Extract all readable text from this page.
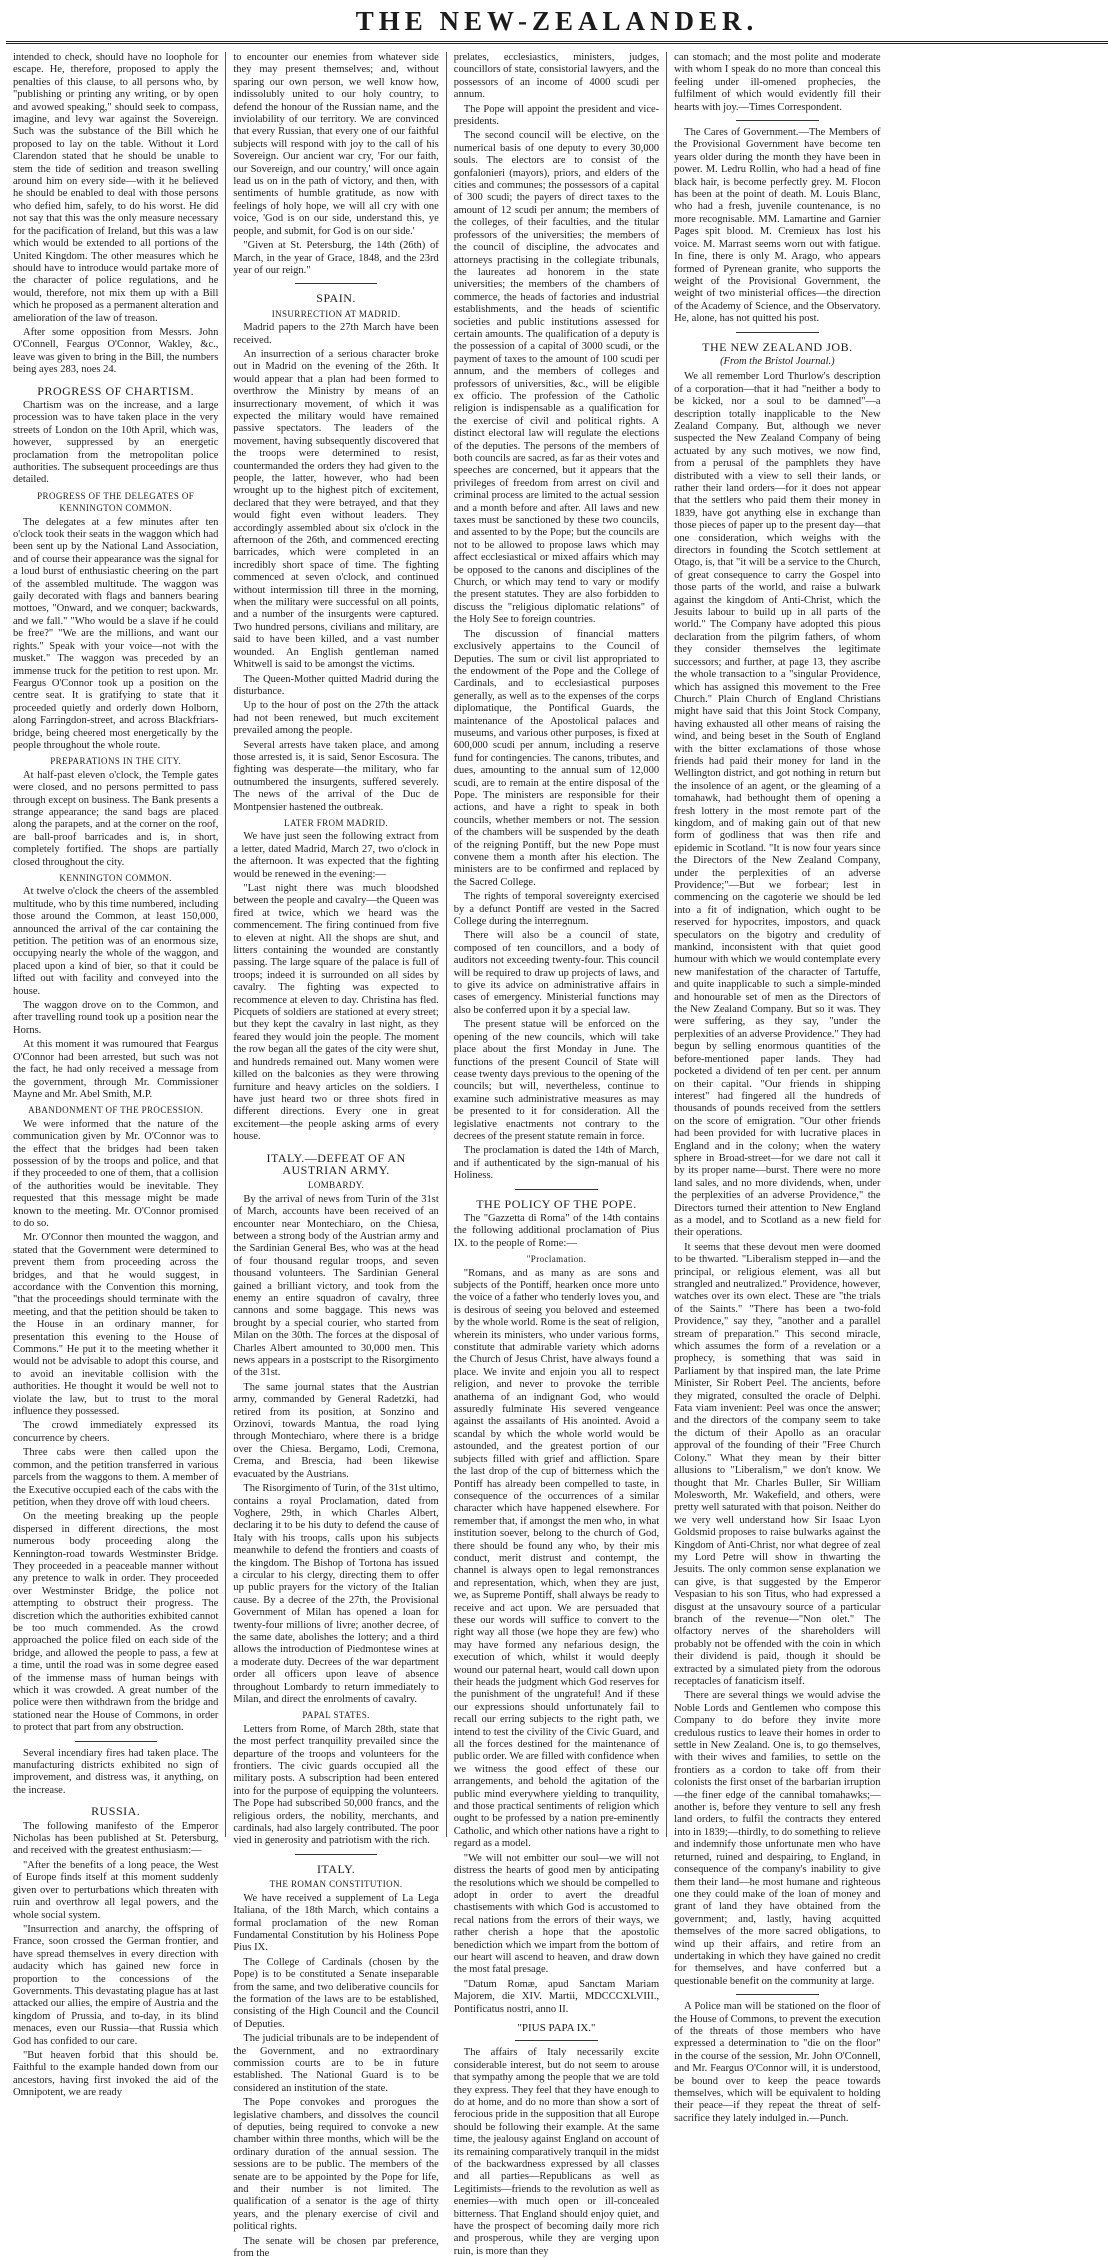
THE NEW-ZEALANDER.

intended to check, should have no loophole for escape. He, therefore, proposed to apply the penalties of this clause, to all persons who, by "publishing or printing any writing, or by open and avowed speaking," should seek to compass, imagine, and levy war against the Sovereign. Such was the substance of the Bill which he proposed to lay on the table. Without it Lord Clarendon stated that he should be unable to stem the tide of sedition and treason swelling around him on every side—with it he believed he should be enabled to deal with those persons who defied him, safely, to do his worst. He did not say that this was the only measure necessary for the pacification of Ireland, but this was a law which would be extended to all portions of the United Kingdom. The other measures which he should have to introduce would partake more of the character of police regulations, and he would, therefore, not mix them up with a Bill which he proposed as a permanent alteration and amelioration of the law of treason.

After some opposition from Messrs. John O'Connell, Feargus O'Connor, Wakley, &c., leave was given to bring in the Bill, the numbers being ayes 283, noes 24.

PROGRESS OF CHARTISM.

Chartism was on the increase, and a large procession was to have taken place in the very streets of London on the 10th April, which was, however, suppressed by an energetic proclamation from the metropolitan police authorities. The subsequent proceedings are thus detailed.

PROGRESS OF THE DELEGATES OF KENNINGTON COMMON.

The delegates at a few minutes after ten o'clock took their seats in the waggon which had been sent up by the National Land Association, and of course their appearance was the signal for a loud burst of enthusiastic cheering on the part of the assembled multitude. The waggon was gaily decorated with flags and banners bearing mottoes, "Onward, and we conquer; backwards, and we fall." "Who would be a slave if he could be free?" "We are the millions, and want our rights." Speak with your voice—not with the musket." The waggon was preceded by an immense truck for the petition to rest upon. Mr. Feargus O'Connor took up a position on the centre seat. It is gratifying to state that it proceeded quietly and orderly down Holborn, along Farringdon-street, and across Blackfriars-bridge, being cheered most energetically by the people throughout the whole route.

PREPARATIONS IN THE CITY.

At half-past eleven o'clock, the Temple gates were closed, and no persons permitted to pass through except on business. The Bank presents a strange appearance; the sand bags are placed along the parapets, and at the corner on the roof, are ball-proof barricades and is, in short, completely fortified. The shops are partially closed throughout the city.

KENNINGTON COMMON.

At twelve o'clock the cheers of the assembled multitude, who by this time numbered, including those around the Common, at least 150,000, announced the arrival of the car containing the petition. The petition was of an enormous size, occupying nearly the whole of the waggon, and placed upon a kind of bier, so that it could be lifted out with facility and conveyed into the house.

The waggon drove on to the Common, and after travelling round took up a position near the Horns.

At this moment it was rumoured that Feargus O'Connor had been arrested, but such was not the fact, he had only received a message from the government, through Mr. Commissioner Mayne and Mr. Abel Smith, M.P.

ABANDONMENT OF THE PROCESSION.

We were informed that the nature of the communication given by Mr. O'Connor was to the effect that the bridges had been taken possession of by the troops and police, and that if they proceeded to one of them, that a collision of the authorities would be inevitable. They requested that this message might be made known to the meeting. Mr. O'Connor promised to do so.

Mr. O'Connor then mounted the waggon, and stated that the Government were determined to prevent them from proceeding across the bridges, and that he would suggest, in accordance with the Convention this morning, "that the proceedings should terminate with the meeting, and that the petition should be taken to the House in an ordinary manner, for presentation this evening to the House of Commons." He put it to the meeting whether it would not be advisable to adopt this course, and to avoid an inevitable collision with the authorities. He thought it would be well not to violate the law, but to trust to the moral influence they possessed.

The crowd immediately expressed its concurrence by cheers.

Three cabs were then called upon the common, and the petition transferred in various parcels from the waggons to them. A member of the Executive occupied each of the cabs with the petition, when they drove off with loud cheers.

On the meeting breaking up the people dispersed in different directions, the most numerous body proceeding along the Kennington-road towards Westminster Bridge. They proceeded in a peaceable manner without any pretence to walk in order. They proceeded over Westminster Bridge, the police not attempting to obstruct their progress. The discretion which the authorities exhibited cannot be too much commended. As the crowd approached the police filed on each side of the bridge, and allowed the people to pass, a few at a time, until the road was in some degree eased of the immense mass of human beings with which it was crowded. A great number of the police were then withdrawn from the bridge and stationed near the House of Commons, in order to protect that part from any obstruction.

Several incendiary fires had taken place. The manufacturing districts exhibited no sign of improvement, and distress was, it anything, on the increase.

RUSSIA.

The following manifesto of the Emperor Nicholas has been published at St. Petersburg, and received with the greatest enthusiasm:—

"After the benefits of a long peace, the West of Europe finds itself at this moment suddenly given over to perturbations which threaten with ruin and overthrow all legal powers, and the whole social system.

"Insurrection and anarchy, the offspring of France, soon crossed the German frontier, and have spread themselves in every direction with audacity which has gained new force in proportion to the concessions of the Governments. This devastating plague has at last attacked our allies, the empire of Austria and the kingdom of Prussia, and to-day, in its blind menaces, even our Russia—that Russia which God has confided to our care.

"But heaven forbid that this should be. Faithful to the example handed down from our ancestors, having first invoked the aid of the Omnipotent, we are ready

to encounter our enemies from whatever side they may present themselves; and, without sparing our own person, we well know how, indissolubly united to our holy country, to defend the honour of the Russian name, and the inviolability of our territory. We are convinced that every Russian, that every one of our faithful subjects will respond with joy to the call of his Sovereign. Our ancient war cry, 'For our faith, our Sovereign, and our country,' will once again lead us on in the path of victory, and then, with sentiments of humble gratitude, as now with feelings of holy hope, we will all cry with one voice, 'God is on our side, understand this, ye people, and submit, for God is on our side.'

"Given at St. Petersburg, the 14th (26th) of March, in the year of Grace, 1848, and the 23rd year of our reign."

SPAIN.
INSURRECTION AT MADRID.

Madrid papers to the 27th March have been received.

An insurrection of a serious character broke out in Madrid on the evening of the 26th. It would appear that a plan had been formed to overthrow the Ministry by means of an insurrectionary movement, of which it was expected the military would have remained passive spectators. The leaders of the movement, having subsequently discovered that the troops were determined to resist, countermanded the orders they had given to the people, the latter, however, who had been wrought up to the highest pitch of excitement, declared that they were betrayed, and that they would fight even without leaders. They accordingly assembled about six o'clock in the afternoon of the 26th, and commenced erecting barricades, which were completed in an incredibly short space of time. The fighting commenced at seven o'clock, and continued without intermission till three in the morning, when the military were successful on all points, and a number of the insurgents were captured. Two hundred persons, civilians and military, are said to have been killed, and a vast number wounded. An English gentleman named Whitwell is said to be amongst the victims.

The Queen-Mother quitted Madrid during the disturbance.

Up to the hour of post on the 27th the attack had not been renewed, but much excitement prevailed among the people.

Several arrests have taken place, and among those arrested is, it is said, Senor Escosura. The fighting was desperate—the military, who far outnumbered the insurgents, suffered severely. The news of the arrival of the Duc de Montpensier hastened the outbreak.

LATER FROM MADRID.

We have just seen the following extract from a letter, dated Madrid, March 27, two o'clock in the afternoon. It was expected that the fighting would be renewed in the evening:—

"Last night there was much bloodshed between the people and cavalry—the Queen was fired at twice, which we heard was the commencement. The firing continued from five to eleven at night. All the shops are shut, and litters containing the wounded are constantly passing. The large square of the palace is full of troops; indeed it is surrounded on all sides by cavalry. The fighting was expected to recommence at eleven to day. Christina has fled. Picquets of soldiers are stationed at every street; but they kept the cavalry in last night, as they feared they would join the people. The moment the row began all the gates of the city were shut, and hundreds remained out. Many women were killed on the balconies as they were throwing furniture and heavy articles on the soldiers. I have just heard two or three shots fired in different directions. Every one in great excitement—the people asking arms of every house.

ITALY.—DEFEAT OF AN AUSTRIAN ARMY.
LOMBARDY.

By the arrival of news from Turin of the 31st of March, accounts have been received of an encounter near Montechiaro, on the Chiesa, between a strong body of the Austrian army and the Sardinian General Bes, who was at the head of four thousand regular troops, and seven thousand volunteers. The Sardinian General gained a brilliant victory, and took from the enemy an entire squadron of cavalry, three cannons and some baggage. This news was brought by a special courier, who started from Milan on the 30th. The forces at the disposal of Charles Albert amounted to 30,000 men. This news appears in a postscript to the Risorgimento of the 31st.

The same journal states that the Austrian army, commanded by General Radetzki, had retired from its position, at Sonzino and Orzinovi, towards Mantua, the road lying through Montechiaro, where there is a bridge over the Chiesa. Bergamo, Lodi, Cremona, Crema, and Brescia, had been likewise evacuated by the Austrians.

The Risorgimento of Turin, of the 31st ultimo, contains a royal Proclamation, dated from Voghere, 29th, in which Charles Albert, declaring it to be his duty to defend the cause of Italy with his troops, calls upon his subjects meanwhile to defend the frontiers and coasts of the kingdom. The Bishop of Tortona has issued a circular to his clergy, directing them to offer up public prayers for the victory of the Italian cause. By a decree of the 27th, the Provisional Government of Milan has opened a loan for twenty-four millions of livre; another decree, of the same date, abolishes the lottery; and a third allows the introduction of Piedmontese wines at a moderate duty. Decrees of the war department order all officers upon leave of absence throughout Lombardy to return immediately to Milan, and direct the enrolments of cavalry.

PAPAL STATES.

Letters from Rome, of March 28th, state that the most perfect tranquility prevailed since the departure of the troops and volunteers for the frontiers. The civic guards occupied all the military posts. A subscription had been entered into for the purpose of equipping the volunteers. The Pope had subscribed 50,000 francs, and the religious orders, the nobility, merchants, and cardinals, had also largely contributed. The poor vied in generosity and patriotism with the rich.

ITALY.
THE ROMAN CONSTITUTION.

We have received a supplement of La Lega Italiana, of the 18th March, which contains a formal proclamation of the new Roman Fundamental Constitution by his Holiness Pope Pius IX.

The College of Cardinals (chosen by the Pope) is to be constituted a Senate inseparable from the same, and two deliberative councils for the formation of the laws are to be established, consisting of the High Council and the Council of Deputies.

The judicial tribunals are to be independent of the Government, and no extraordinary commission courts are to be in future established. The National Guard is to be considered an institution of the state.

The Pope convokes and prorogues the legislative chambers, and dissolves the council of deputies, being required to convoke a new chamber within three months, which will be the ordinary duration of the annual session. The sessions are to be public. The members of the senate are to be appointed by the Pope for life, and their number is not limited. The qualification of a senator is the age of thirty years, and the plenary exercise of civil and political rights.

The senate will be chosen par preference, from the

prelates, ecclesiastics, ministers, judges, councillors of state, consistorial lawyers, and the possessors of an income of 4000 scudi per annum.

The Pope will appoint the president and vice-presidents.

The second council will be elective, on the numerical basis of one deputy to every 30,000 souls. The electors are to consist of the gonfalonieri (mayors), priors, and elders of the cities and communes; the possessors of a capital of 300 scudi; the payers of direct taxes to the amount of 12 scudi per annum; the members of the colleges, of their faculties, and the titular professors of the universities; the members of the council of discipline, the advocates and attorneys practising in the collegiate tribunals, the laureates ad honorem in the state universities; the members of the chambers of commerce, the heads of factories and industrial establishments, and the heads of scientific societies and public institutions assessed for certain amounts. The qualification of a deputy is the possession of a capital of 3000 scudi, or the payment of taxes to the amount of 100 scudi per annum, and the members of colleges and professors of universities, &c., will be eligible ex officio. The profession of the Catholic religion is indispensable as a qualification for the exercise of civil and political rights. A distinct electoral law will regulate the elections of the deputies. The persons of the members of both councils are sacred, as far as their votes and speeches are concerned, but it appears that the privileges of freedom from arrest on civil and criminal process are limited to the actual session and a month before and after. All laws and new taxes must be sanctioned by these two councils, and assented to by the Pope; but the councils are not to be allowed to propose laws which may affect ecclesiastical or mixed affairs which may be opposed to the canons and disciplines of the Church, or which may tend to vary or modify the present statutes. They are also forbidden to discuss the "religious diplomatic relations" of the Holy See to foreign countries.

The discussion of financial matters exclusively appertains to the Council of Deputies. The sum or civil list appropriated to the endowment of the Pope and the College of Cardinals, and to ecclesiastical purposes generally, as well as to the expenses of the corps diplomatique, the Pontifical Guards, the maintenance of the Apostolical palaces and museums, and various other purposes, is fixed at 600,000 scudi per annum, including a reserve fund for contingencies. The canons, tributes, and dues, amounting to the annual sum of 12,000 scudi, are to remain at the entire disposal of the Pope. The ministers are responsible for their actions, and have a right to speak in both councils, whether members or not. The session of the chambers will be suspended by the death of the reigning Pontiff, but the new Pope must convene them a month after his election. The ministers are to be confirmed and replaced by the Sacred College.

The rights of temporal sovereignty exercised by a defunct Pontiff are vested in the Sacred College during the interregnum.

There will also be a council of state, composed of ten councillors, and a body of auditors not exceeding twenty-four. This council will be required to draw up projects of laws, and to give its advice on administrative affairs in cases of emergency. Ministerial functions may also be conferred upon it by a special law.

The present statue will be enforced on the opening of the new councils, which will take place about the first Monday in June. The functions of the present Council of State will cease twenty days previous to the opening of the councils; but will, nevertheless, continue to examine such administrative measures as may be presented to it for consideration. All the legislative enactments not contrary to the decrees of the present statute remain in force.

The proclamation is dated the 14th of March, and if authenticated by the sign-manual of his Holiness.

THE POLICY OF THE POPE.

The "Gazzetta di Roma" of the 14th contains the following additional proclamation of Pius IX. to the people of Rome:—

"Proclamation.

"Romans, and as many as are sons and subjects of the Pontiff, hearken once more unto the voice of a father who tenderly loves you, and is desirous of seeing you beloved and esteemed by the whole world. Rome is the seat of religion, wherein its ministers, who under various forms, constitute that admirable variety which adorns the Church of Jesus Christ, have always found a place. We invite and enjoin you all to respect religion, and never to provoke the terrible anathema of an indignant God, who would assuredly fulminate His severed vengeance against the assailants of His anointed. Avoid a scandal by which the whole world would be astounded, and the greatest portion of our subjects filled with grief and affliction. Spare the last drop of the cup of bitterness which the Pontiff has already been compelled to taste, in consequence of the occurrences of a similar character which have happened elsewhere. For remember that, if amongst the men who, in what institution soever, belong to the church of God, there should be found any who, by their mis conduct, merit distrust and contempt, the channel is always open to legal remonstrances and representation, which, when they are just, we, as Supreme Pontiff, shall always be ready to receive and act upon. We are persuaded that these our words will suffice to convert to the right way all those (we hope they are few) who may have formed any nefarious design, the execution of which, whilst it would deeply wound our paternal heart, would call down upon their heads the judgment which God reserves for the punishment of the ungrateful! And if these our expressions should unfortunately fail to recall our erring subjects to the right path, we intend to test the civility of the Civic Guard, and all the forces destined for the maintenance of public order. We are filled with confidence when we witness the good effect of these our arrangements, and behold the agitation of the public mind everywhere yielding to tranquility, and those practical sentiments of religion which ought to be professed by a nation pre-eminently Catholic, and which other nations have a right to regard as a model.

"We will not embitter our soul—we will not distress the hearts of good men by anticipating the resolutions which we should be compelled to adopt in order to avert the dreadful chastisements with which God is accustomed to recal nations from the errors of their ways, we rather cherish a hope that the apostolic benediction which we impart from the bottom of our heart will ascend to heaven, and draw down the most fatal presage.

"Datum Romæ, apud Sanctam Mariam Majorem, die XIV. Martii, MDCCCXLVIII., Pontificatus nostri, anno II.

"PIUS PAPA IX."

The affairs of Italy necessarily excite considerable interest, but do not seem to arouse that sympathy among the people that we are told they express. They feel that they have enough to do at home, and do no more than show a sort of ferocious pride in the supposition that all Europe should be following their example. At the same time, the jealousy against England on account of its remaining comparatively tranquil in the midst of the backwardness expressed by all classes and all parties—Republicans as well as Legitimists—friends to the revolution as well as enemies—with much open or ill-concealed bitterness. That England should enjoy quiet, and have the prospect of becoming daily more rich and prosperous, while they are verging upon ruin, is more than they

can stomach; and the most polite and moderate with whom I speak do no more than conceal this feeling under ill-omened prophecies, the fulfilment of which would evidently fill their hearts with joy.—Times Correspondent.

The Cares of Government.—The Members of the Provisional Government have become ten years older during the month they have been in power. M. Ledru Rollin, who had a head of fine black hair, is become perfectly grey. M. Flocon has been at the point of death. M. Louis Blanc, who had a fresh, juvenile countenance, is no more recognisable. MM. Lamartine and Garnier Pages spit blood. M. Cremieux has lost his voice. M. Marrast seems worn out with fatigue. In fine, there is only M. Arago, who appears formed of Pyrenean granite, who supports the weight of the Provisional Government, the weight of two ministerial offices—the direction of the Academy of Science, and the Observatory. He, alone, has not quitted his post.

THE NEW ZEALAND JOB.
(From the Bristol Journal.)

We all remember Lord Thurlow's description of a corporation—that it had "neither a body to be kicked, nor a soul to be damned"—a description totally inapplicable to the New Zealand Company. But, although we never suspected the New Zealand Company of being actuated by any such motives, we now find, from a perusal of the pamphlets they have distributed with a view to sell their lands, or rather their land orders—for it does not appear that the settlers who paid them their money in 1839, have got anything else in exchange than those pieces of paper up to the present day—that one consideration, which weighs with the directors in founding the Scotch settlement at Otago, is, that "it will be a service to the Church, of great consequence to carry the Gospel into those parts of the world, and raise a bulwark against the kingdom of Anti-Christ, which the Jesuits labour to build up in all parts of the world." The Company have adopted this pious declaration from the pilgrim fathers, of whom they consider themselves the legitimate successors; and further, at page 13, they ascribe the whole transaction to a "singular Providence, which has assigned this movement to the Free Church." Plain Church of England Christians might have said that this Joint Stock Company, having exhausted all other means of raising the wind, and being beset in the South of England with the bitter exclamations of those whose friends had paid their money for land in the Wellington district, and got nothing in return but the insolence of an agent, or the gleaming of a tomahawk, had bethought them of opening a fresh lottery in the most remote part of the kingdom, and of making gain out of that new form of godliness that was then rife and epidemic in Scotland. "It is now four years since the Directors of the New Zealand Company, under the perplexities of an adverse Providence;"—But we forbear; lest in commencing on the cagoterie we should be led into a fit of indignation, which ought to be reserved for hypocrites, impostors, and quack speculators on the bigotry and credulity of mankind, inconsistent with that quiet good humour with which we would contemplate every new manifestation of the character of Tartuffe, and quite inapplicable to such a simple-minded and honourable set of men as the Directors of the New Zealand Company. But so it was. They were suffering, as they say, "under the perplexities of an adverse Providence." They had begun by selling enormous quantities of the before-mentioned paper lands. They had pocketed a dividend of ten per cent. per annum on their capital. "Our friends in shipping interest" had fingered all the hundreds of thousands of pounds received from the settlers on the score of emigration. "Our other friends had been provided for with lucrative places in England and in the colony; when the watery sphere in Broad-street—for we dare not call it by its proper name—burst. There were no more land sales, and no more dividends, when, under the perplexities of an adverse Providence," the Directors turned their attention to New England as a model, and to Scotland as a new field for their operations.

It seems that these devout men were doomed to be thwarted. "Liberalism stepped in—and the principal, or religious element, was all but strangled and neutralized." Providence, however, watches over its own elect. These are "the trials of the Saints." "There has been a two-fold Providence," say they, "another and a parallel stream of preparation." This second miracle, which assumes the form of a revelation or a prophecy, is something that was said in Parliament by that inspired man, the late Prime Minister, Sir Robert Peel. The ancients, before they migrated, consulted the oracle of Delphi. Fata viam invenient: Peel was once the answer; and the directors of the company seem to take the dictum of their Apollo as an oracular approval of the founding of their "Free Church Colony." What they mean by their bitter allusions to "Liberalism," we don't know. We thought that Mr. Charles Buller, Sir William Molesworth, Mr. Wakefield, and others, were pretty well saturated with that poison. Neither do we very well understand how Sir Isaac Lyon Goldsmid proposes to raise bulwarks against the Kingdom of Anti-Christ, nor what degree of zeal my Lord Petre will show in thwarting the Jesuits. The only common sense explanation we can give, is that suggested by the Emperor Vespasian to his son Titus, who had expressed a disgust at the unsavoury source of a particular branch of the revenue—"Non olet." The olfactory nerves of the shareholders will probably not be offended with the coin in which their dividend is paid, though it should be extracted by a simulated piety from the odorous receptacles of fanaticism itself.

There are several things we would advise the Noble Lords and Gentlemen who compose this Company to do before they invite more credulous rustics to leave their homes in order to settle in New Zealand. One is, to go themselves, with their wives and families, to settle on the frontiers as a cordon to take off from their colonists the first onset of the barbarian irruption—the finer edge of the cannibal tomahawks;—another is, before they venture to sell any fresh land orders, to fulfil the contracts they entered into in 1839;—thirdly, to do something to relieve and indemnify those unfortunate men who have returned, ruined and despairing, to England, in consequence of the company's inability to give them their land—he most humane and righteous one they could make of the loan of money and grant of land they have obtained from the government; and, lastly, having acquitted themselves of the more sacred obligations, to wind up their affairs, and retire from an undertaking in which they have gained no credit for themselves, and have conferred but a questionable benefit on the community at large.

A Police man will be stationed on the floor of the House of Commons, to prevent the execution of the threats of those members who have expressed a determination to "die on the floor" in the course of the session, Mr. John O'Connell, and Mr. Feargus O'Connor will, it is understood, be bound over to keep the peace towards themselves, which will be equivalent to holding their peace—if they repeat the threat of self-sacrifice they lately indulged in.—Punch.
